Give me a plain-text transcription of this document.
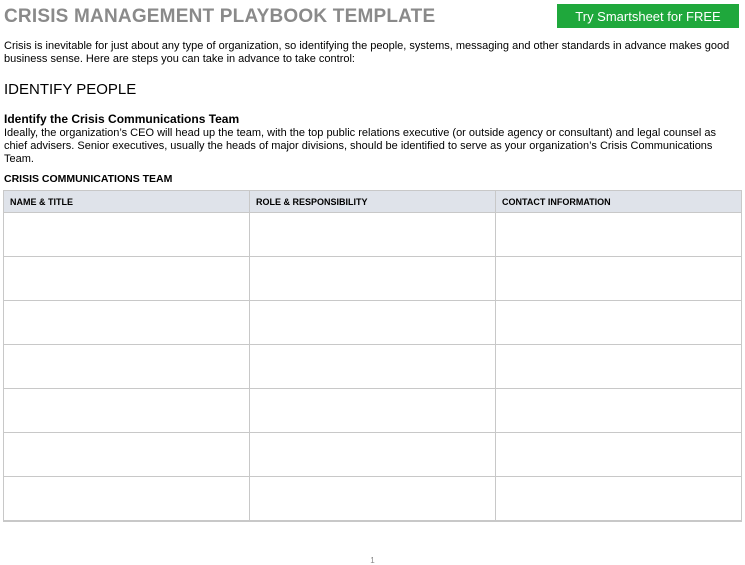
CRISIS MANAGEMENT PLAYBOOK TEMPLATE	Try Smartsheet for FREE

Crisis is inevitable for just about any type of organization, so identifying the people, systems, messaging and other standards in advance makes good business sense. Here are steps you can take in advance to take control:

IDENTIFY PEOPLE
Identify the Crisis Communications Team

Ideally, the organization’s CEO will head up the team, with the top public relations executive (or outside agency or consultant) and legal counsel as chief advisers. Senior executives, usually the heads of major divisions, should be identified to serve as your organization’s Crisis Communications Team.

CRISIS COMMUNICATIONS TEAM
NAME & TITLE	ROLE & RESPONSIBILITY	CONTACT INFORMATION

1
